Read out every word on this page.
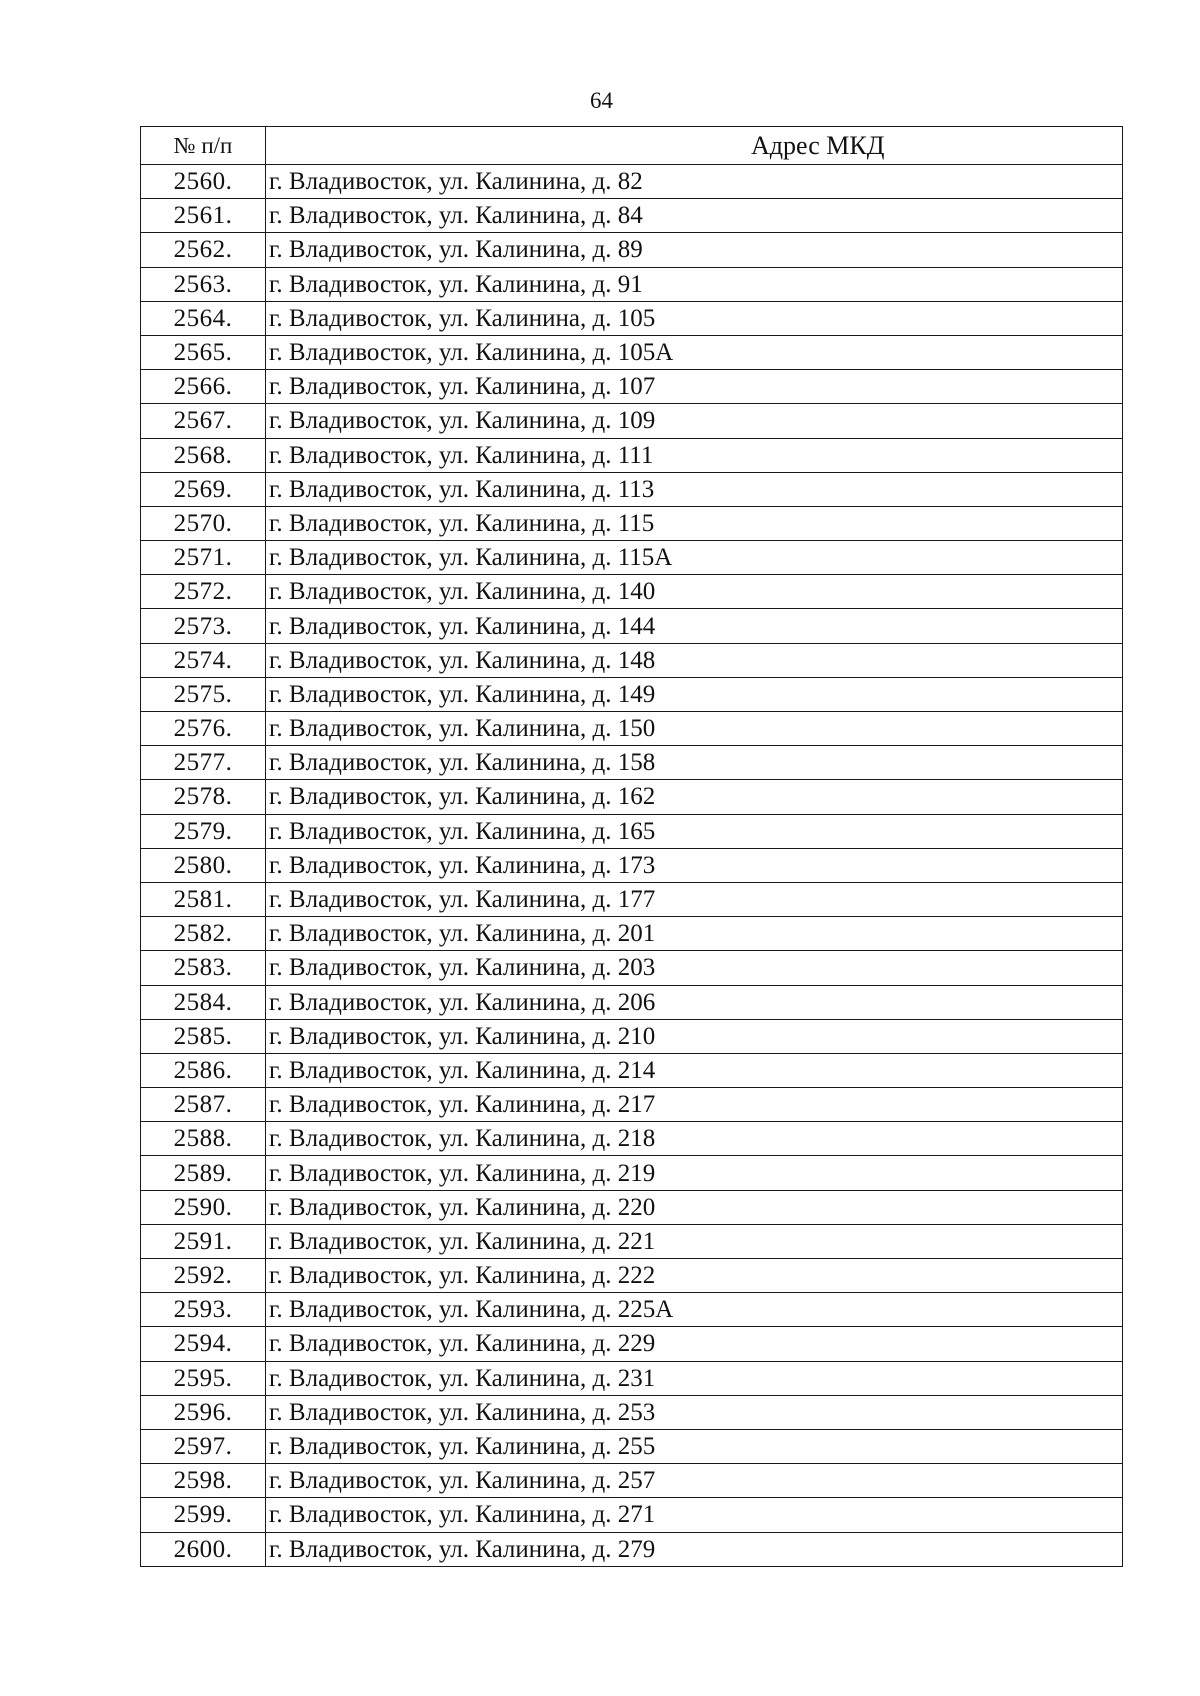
64
№ п/п	Адрес МКД
2560.	г. Владивосток, ул. Калинина, д. 82
2561.	г. Владивосток, ул. Калинина, д. 84
2562.	г. Владивосток, ул. Калинина, д. 89
2563.	г. Владивосток, ул. Калинина, д. 91
2564.	г. Владивосток, ул. Калинина, д. 105
2565.	г. Владивосток, ул. Калинина, д. 105А
2566.	г. Владивосток, ул. Калинина, д. 107
2567.	г. Владивосток, ул. Калинина, д. 109
2568.	г. Владивосток, ул. Калинина, д. 111
2569.	г. Владивосток, ул. Калинина, д. 113
2570.	г. Владивосток, ул. Калинина, д. 115
2571.	г. Владивосток, ул. Калинина, д. 115А
2572.	г. Владивосток, ул. Калинина, д. 140
2573.	г. Владивосток, ул. Калинина, д. 144
2574.	г. Владивосток, ул. Калинина, д. 148
2575.	г. Владивосток, ул. Калинина, д. 149
2576.	г. Владивосток, ул. Калинина, д. 150
2577.	г. Владивосток, ул. Калинина, д. 158
2578.	г. Владивосток, ул. Калинина, д. 162
2579.	г. Владивосток, ул. Калинина, д. 165
2580.	г. Владивосток, ул. Калинина, д. 173
2581.	г. Владивосток, ул. Калинина, д. 177
2582.	г. Владивосток, ул. Калинина, д. 201
2583.	г. Владивосток, ул. Калинина, д. 203
2584.	г. Владивосток, ул. Калинина, д. 206
2585.	г. Владивосток, ул. Калинина, д. 210
2586.	г. Владивосток, ул. Калинина, д. 214
2587.	г. Владивосток, ул. Калинина, д. 217
2588.	г. Владивосток, ул. Калинина, д. 218
2589.	г. Владивосток, ул. Калинина, д. 219
2590.	г. Владивосток, ул. Калинина, д. 220
2591.	г. Владивосток, ул. Калинина, д. 221
2592.	г. Владивосток, ул. Калинина, д. 222
2593.	г. Владивосток, ул. Калинина, д. 225А
2594.	г. Владивосток, ул. Калинина, д. 229
2595.	г. Владивосток, ул. Калинина, д. 231
2596.	г. Владивосток, ул. Калинина, д. 253
2597.	г. Владивосток, ул. Калинина, д. 255
2598.	г. Владивосток, ул. Калинина, д. 257
2599.	г. Владивосток, ул. Калинина, д. 271
2600.	г. Владивосток, ул. Калинина, д. 279
